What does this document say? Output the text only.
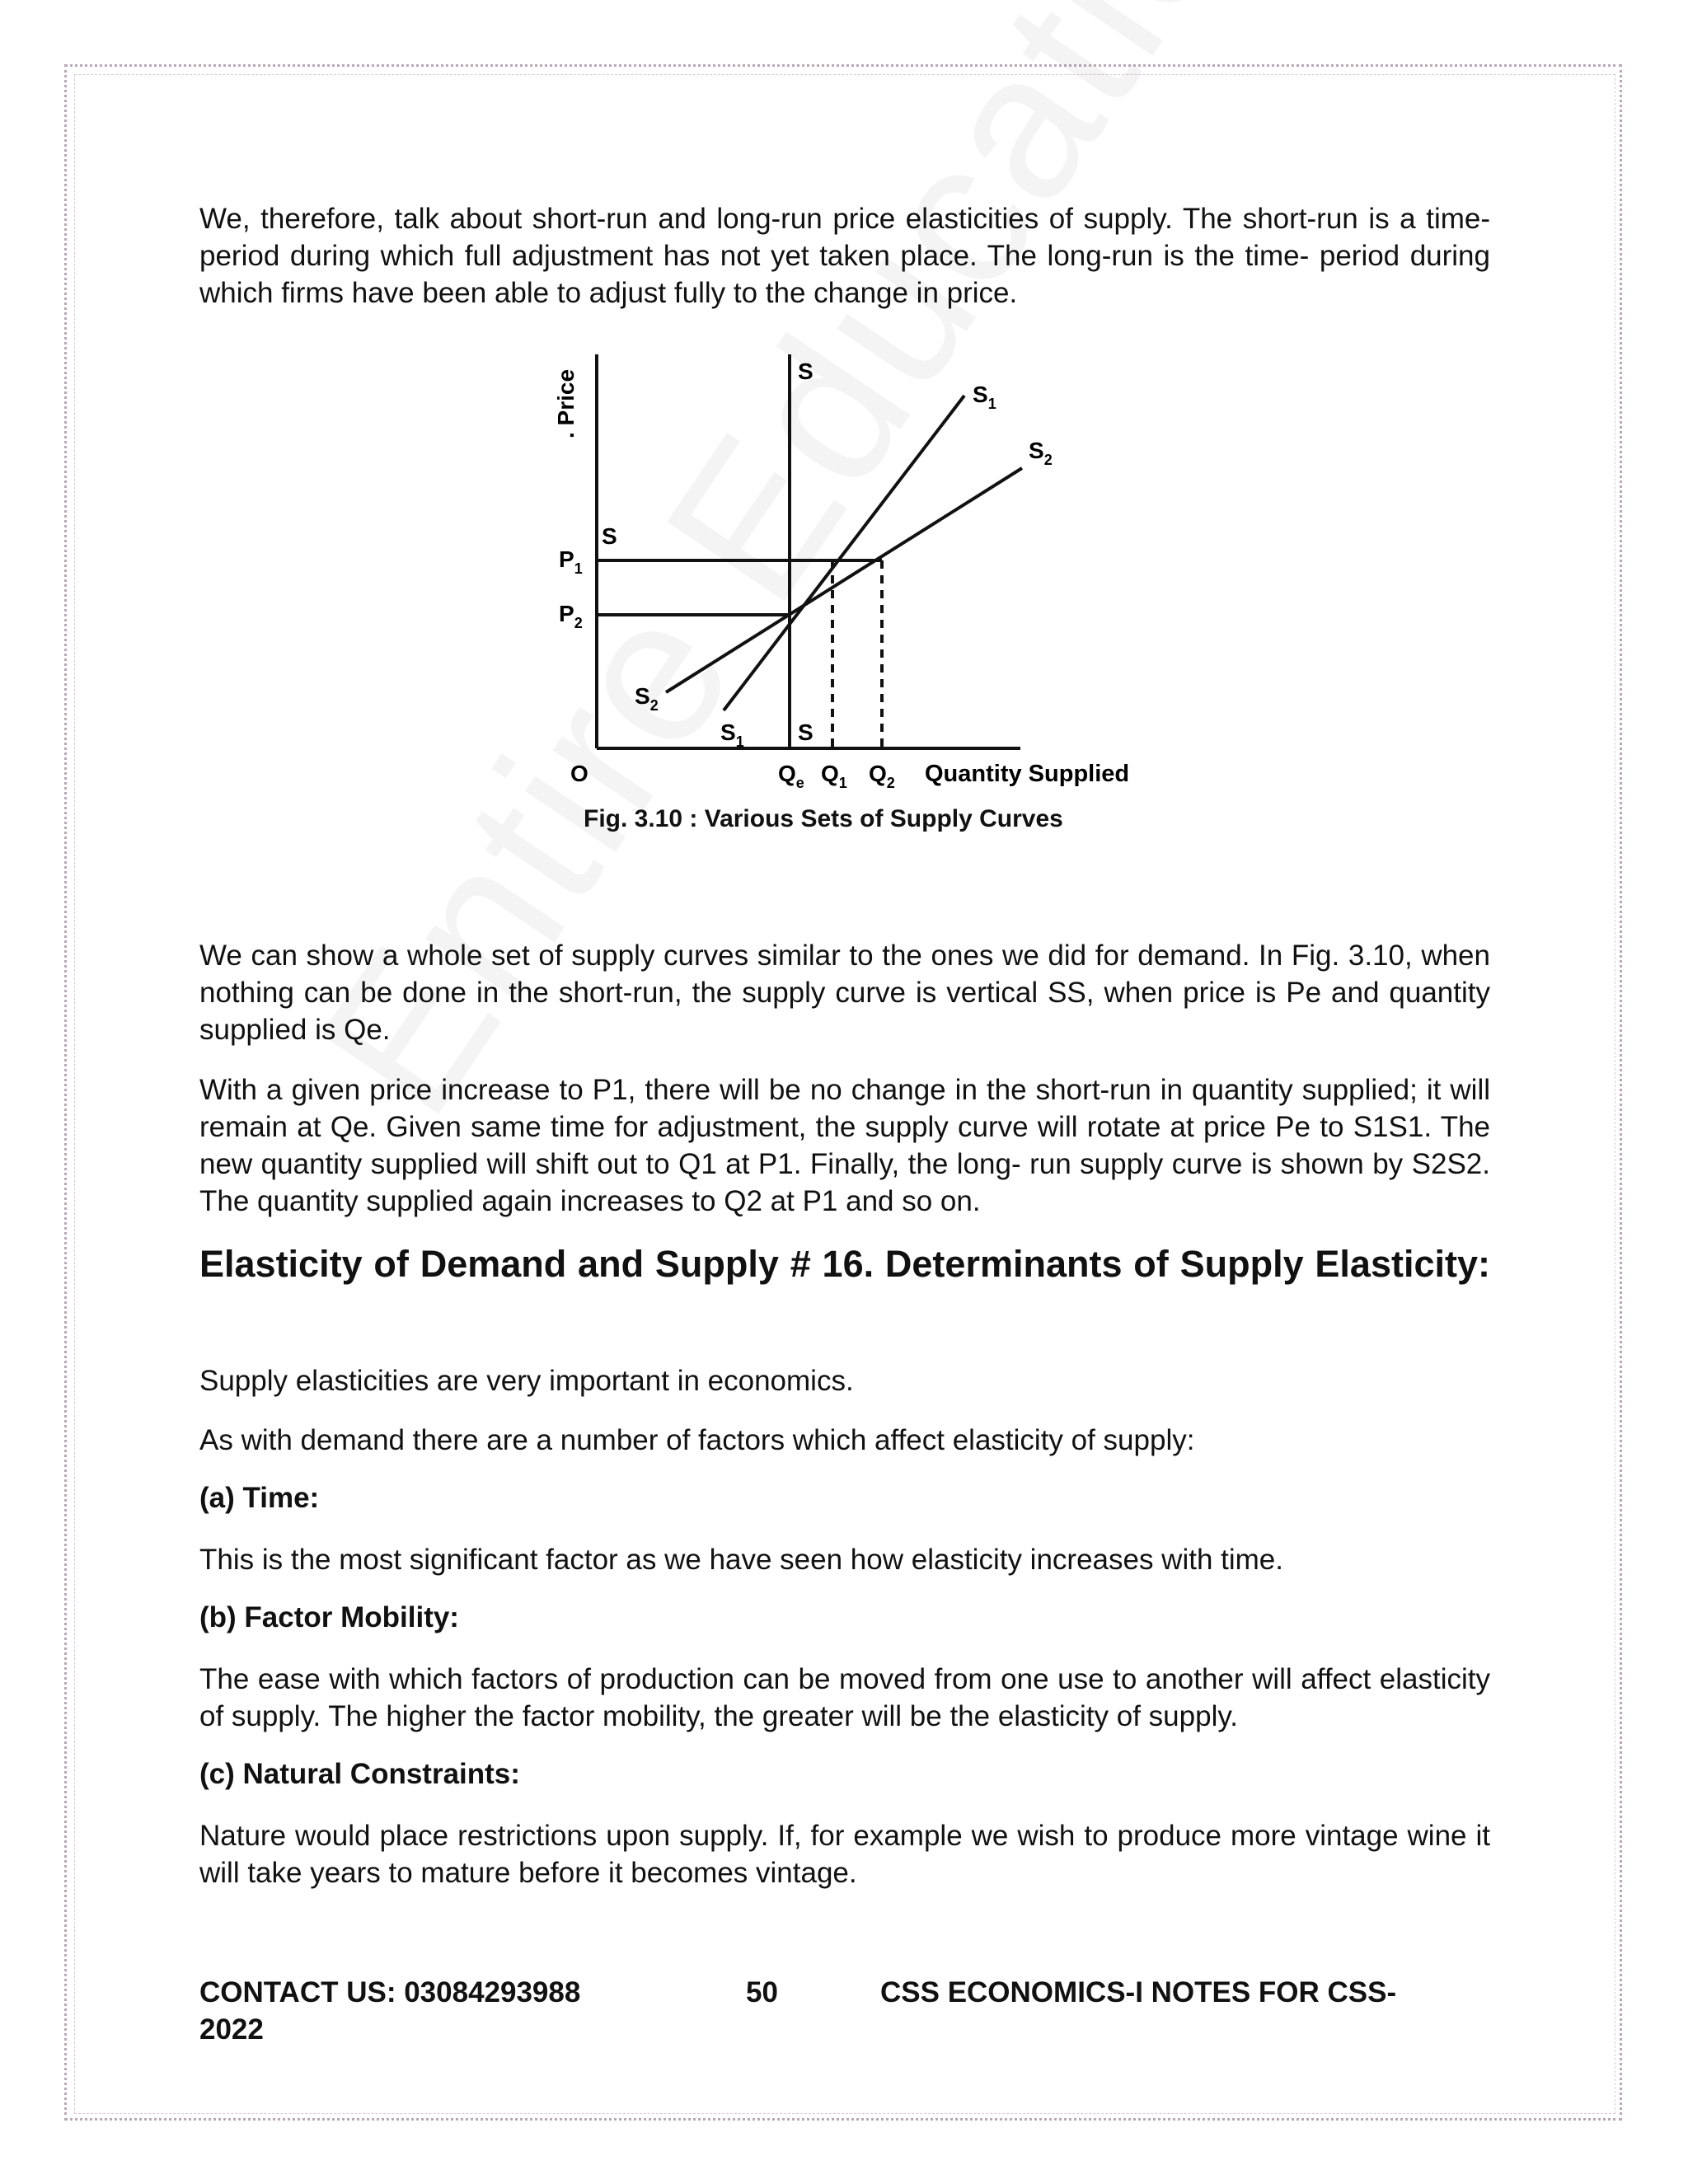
We, therefore, talk about short-run and long-run price elasticities of supply. The short-run is a time-period during which full adjustment has not yet taken place. The long-run is the time- period during which firms have been able to adjust fully to the change in price.

. Price	S
S
S
$P_1$
$P_2$
$S_1$
$S_2$
$S_2$
$S_1$
O	$Q_e$ $Q_1$ $Q_2$ Quantity Supplied

Fig. 3.10 : Various Sets of Supply Curves

We can show a whole set of supply curves similar to the ones we did for demand. In Fig. 3.10, when nothing can be done in the short-run, the supply curve is vertical SS, when price is Pe and quantity supplied is Qe.

With a given price increase to P1, there will be no change in the short-run in quantity supplied; it will remain at Qe. Given same time for adjustment, the supply curve will rotate at price Pe to S1S1. The new quantity supplied will shift out to Q1 at P1. Finally, the long- run supply curve is shown by S2S2. The quantity supplied again increases to Q2 at P1 and so on.

Elasticity of Demand and Supply # 16. Determinants of Supply Elasticity:

Supply elasticities are very important in economics.

As with demand there are a number of factors which affect elasticity of supply:

(a) Time:

This is the most significant factor as we have seen how elasticity increases with time.

(b) Factor Mobility:

The ease with which factors of production can be moved from one use to another will affect elasticity of supply. The higher the factor mobility, the greater will be the elasticity of supply.

(c) Natural Constraints:

Nature would place restrictions upon supply. If, for example we wish to produce more vintage wine it will take years to mature before it becomes vintage.

CONTACT US: 03084293988
2022

50	CSS ECONOMICS-I NOTES FOR CSS-
